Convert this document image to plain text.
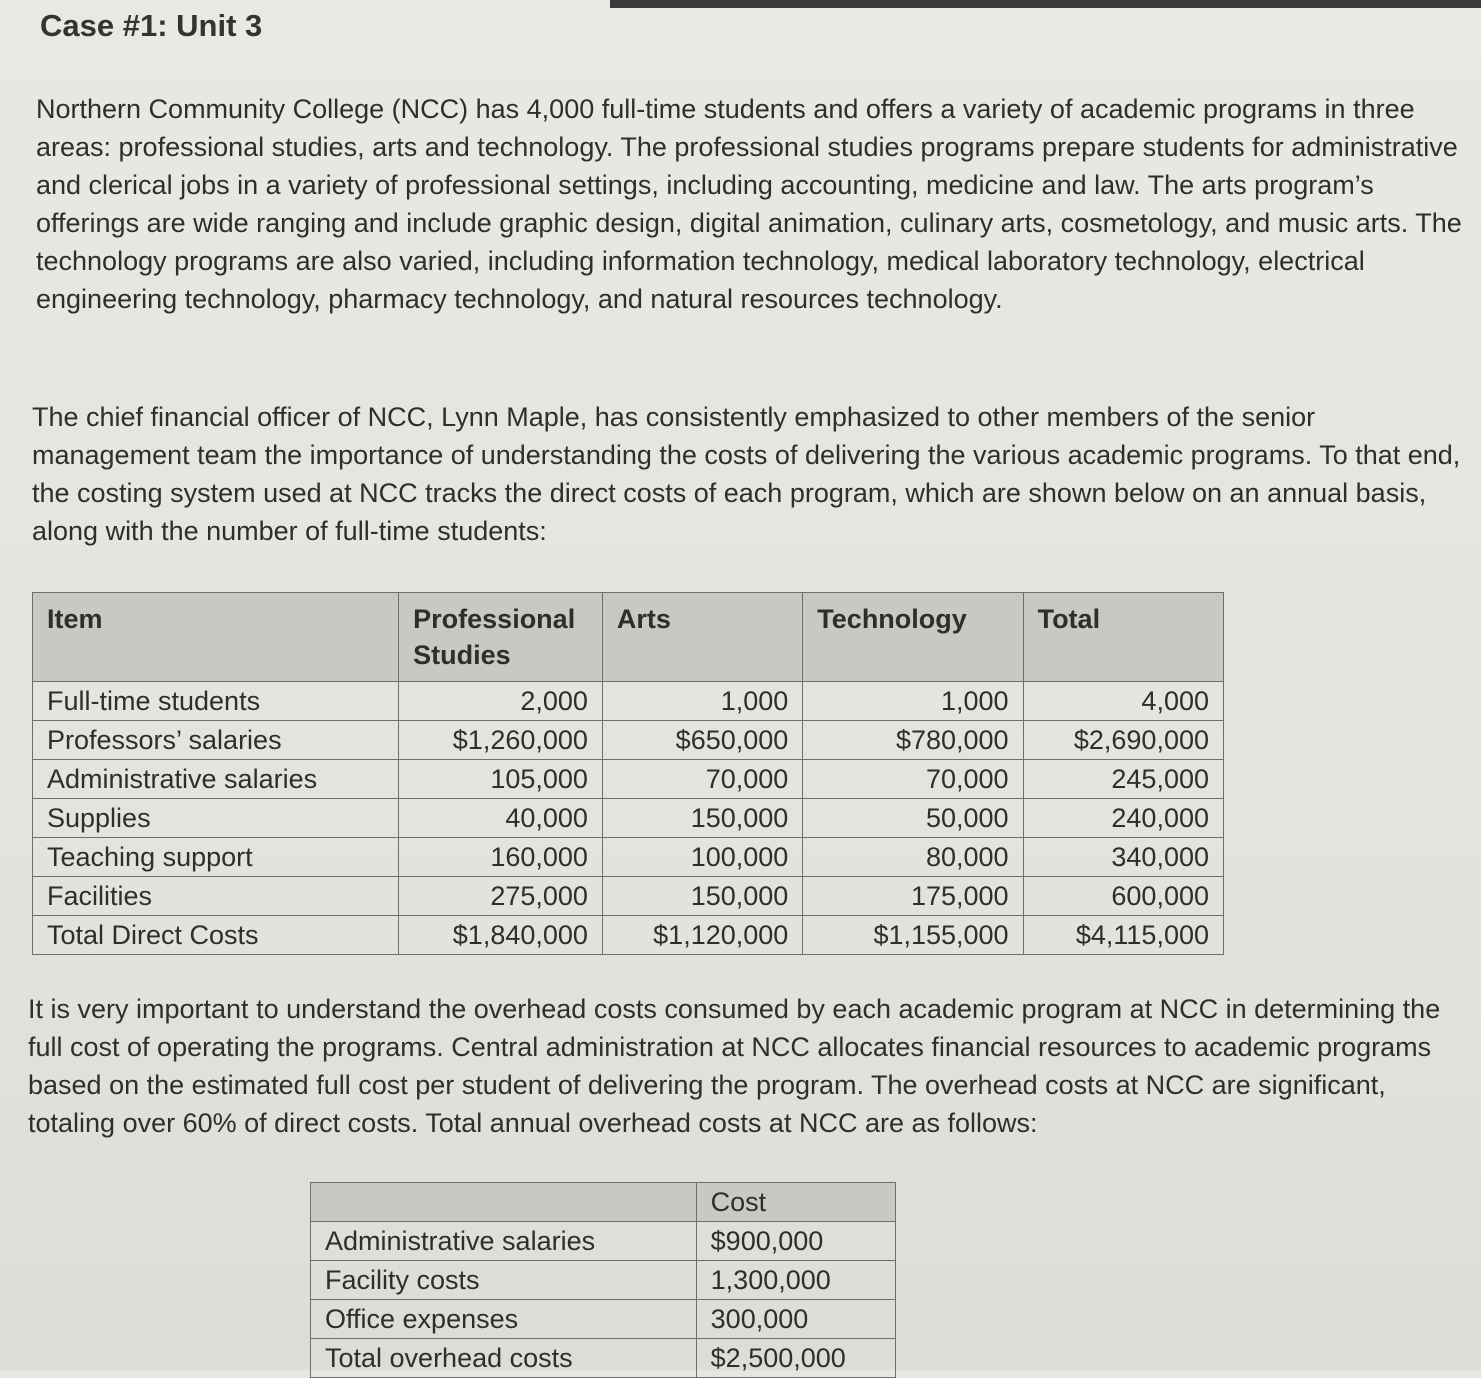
Case #1: Unit 3
Northern Community College (NCC) has 4,000 full-time students and offers a variety of academic programs in three areas: professional studies, arts and technology. The professional studies programs prepare students for administrative and clerical jobs in a variety of professional settings, including accounting, medicine and law. The arts program’s offerings are wide ranging and include graphic design, digital animation, culinary arts, cosmetology, and music arts. The technology programs are also varied, including information technology, medical laboratory technology, electrical engineering technology, pharmacy technology, and natural resources technology.
The chief financial officer of NCC, Lynn Maple, has consistently emphasized to other members of the senior management team the importance of understanding the costs of delivering the various academic programs. To that end, the costing system used at NCC tracks the direct costs of each program, which are shown below on an annual basis, along with the number of full-time students:
Item	Professional Studies	Arts	Technology	Total
Full-time students	2,000	1,000	1,000	4,000
Professors’ salaries	$1,260,000	$650,000	$780,000	$2,690,000
Administrative salaries	105,000	70,000	70,000	245,000
Supplies	40,000	150,000	50,000	240,000
Teaching support	160,000	100,000	80,000	340,000
Facilities	275,000	150,000	175,000	600,000
Total Direct Costs	$1,840,000	$1,120,000	$1,155,000	$4,115,000
It is very important to understand the overhead costs consumed by each academic program at NCC in determining the full cost of operating the programs. Central administration at NCC allocates financial resources to academic programs based on the estimated full cost per student of delivering the program. The overhead costs at NCC are significant, totaling over 60% of direct costs. Total annual overhead costs at NCC are as follows:
	Cost
Administrative salaries	$900,000
Facility costs	1,300,000
Office expenses	300,000
Total overhead costs	$2,500,000
